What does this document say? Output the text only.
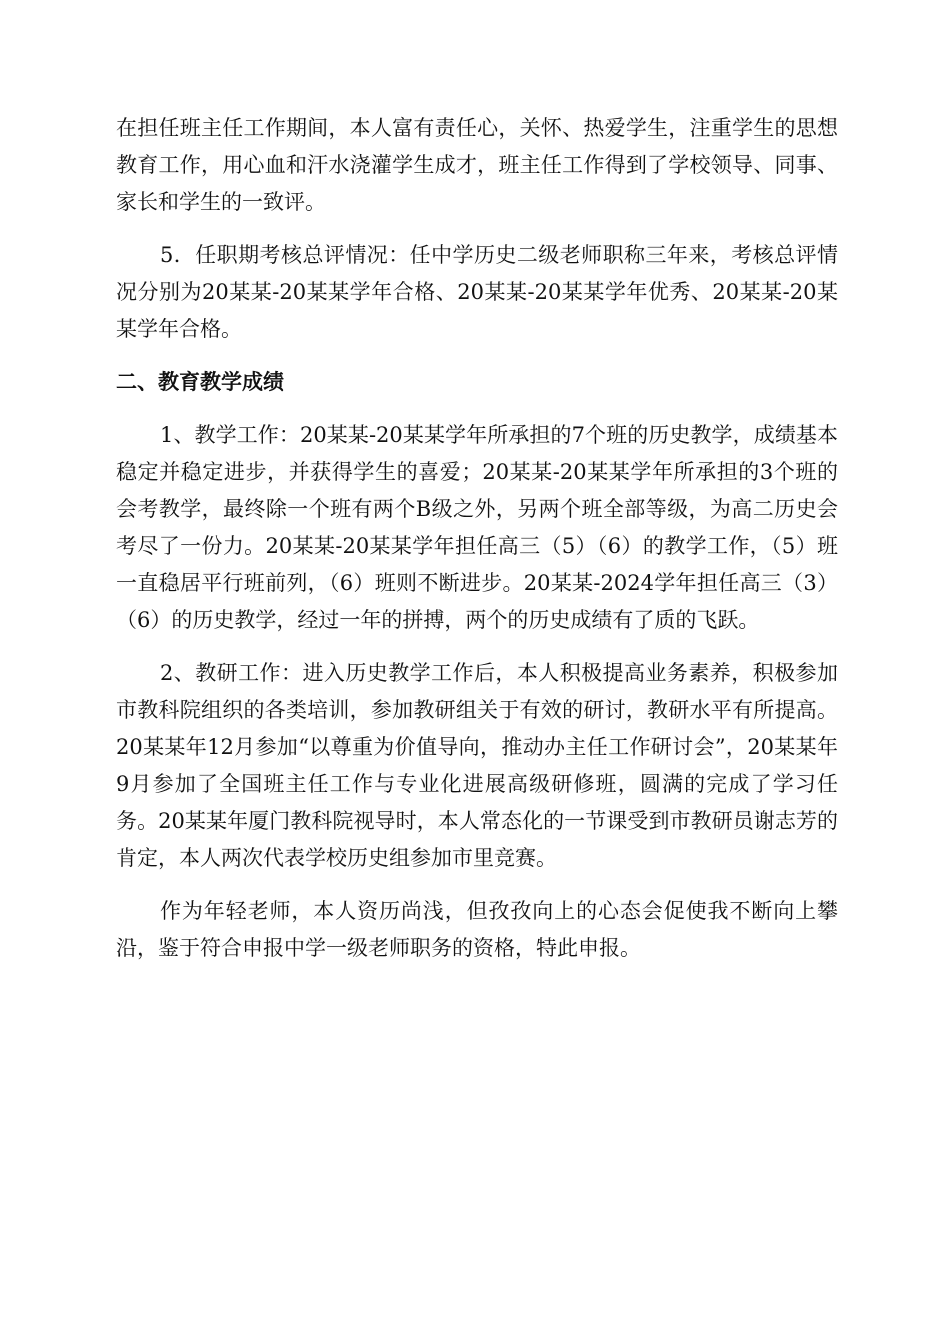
在担任班主任工作期间，本人富有责任心，关怀、热爱学生，注重学生的思想教育工作，用心血和汗水浇灌学生成才，班主任工作得到了学校领导、同事、家长和学生的一致评。

5．任职期考核总评情况：任中学历史二级老师职称三年来，考核总评情况分别为20某某-20某某学年合格、20某某-20某某学年优秀、20某某-20某某学年合格。

二、教育教学成绩

1、教学工作：20某某-20某某学年所承担的7个班的历史教学，成绩基本稳定并稳定进步，并获得学生的喜爱；20某某-20某某学年所承担的3个班的会考教学，最终除一个班有两个B级之外，另两个班全部等级，为高二历史会考尽了一份力。20某某-20某某学年担任高三（5）（6）的教学工作，（5）班一直稳居平行班前列，（6）班则不断进步。20某某-2024学年担任高三（3）（6）的历史教学，经过一年的拼搏，两个的历史成绩有了质的飞跃。

2、教研工作：进入历史教学工作后，本人积极提高业务素养，积极参加市教科院组织的各类培训，参加教研组关于有效的研讨，教研水平有所提高。20某某年12月参加“以尊重为价值导向，推动办主任工作研讨会”，20某某年9月参加了全国班主任工作与专业化进展高级研修班，圆满的完成了学习任务。20某某年厦门教科院视导时，本人常态化的一节课受到市教研员谢志芳的肯定，本人两次代表学校历史组参加市里竞赛。

作为年轻老师，本人资历尚浅，但孜孜向上的心态会促使我不断向上攀沿，鉴于符合申报中学一级老师职务的资格，特此申报。
